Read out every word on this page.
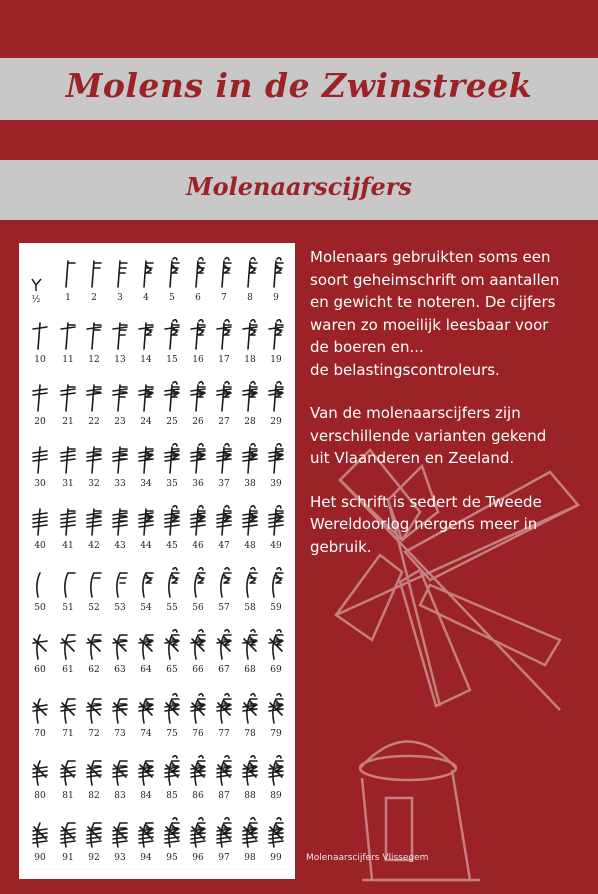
Molens in de Zwinstreek
Molenaarscijfers
½	1	2	3	4	5	6	7	8	9
10	11	12	13	14	15	16	17	18	19
20	21	22	23	24	25	26	27	28	29
30	31	32	33	34	35	36	37	38	39
40	41	42	43	44	45	46	47	48	49
50	51	52	53	54	55	56	57	58	59
60	61	62	63	64	65	66	67	68	69
70	71	72	73	74	75	76	77	78	79
80	81	82	83	84	85	86	87	88	89
90	91	92	93	94	95	96	97	98	99

Molenaars gebruikten soms een
soort geheimschrift om aantallen
en gewicht te noteren. De cijfers
waren zo moeilijk leesbaar voor
de boeren en...
de belastingscontroleurs.

Van de molenaarscijfers zijn
verschillende varianten gekend
uit Vlaanderen en Zeeland.

Het schrift is sedert de Tweede
Wereldoorlog nergens meer in
gebruik.

Molenaarscijfers Vlissegem
